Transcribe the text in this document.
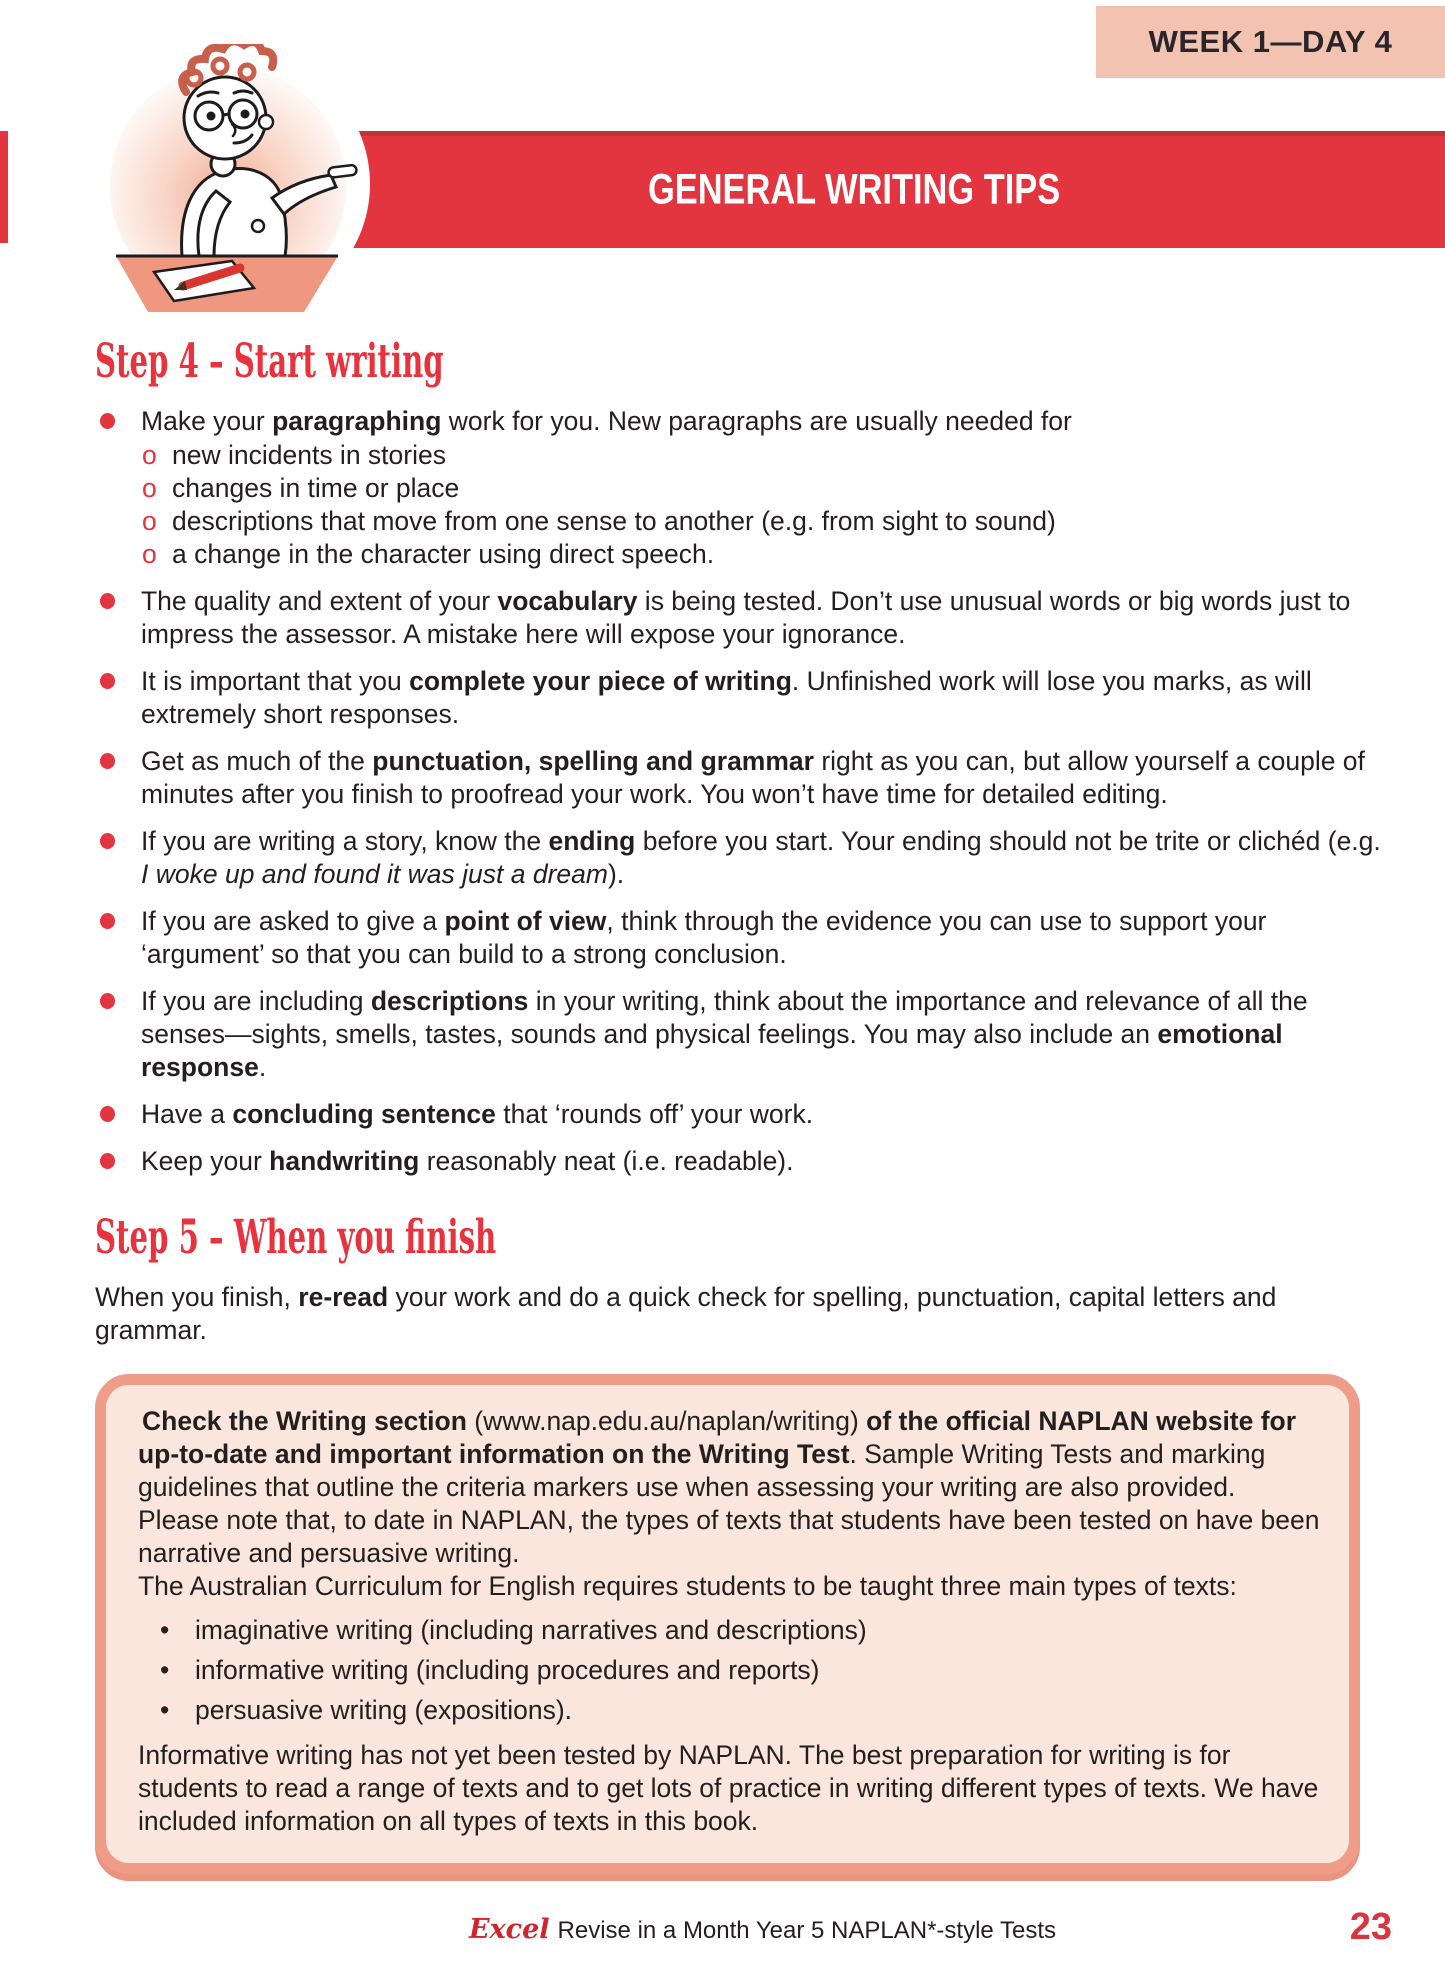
WEEK 1—DAY 4
GENERAL WRITING TIPS
Step 4 – Start writing
Make your paragraphing work for you. New paragraphs are usually needed for
o new incidents in stories
o changes in time or place
o descriptions that move from one sense to another (e.g. from sight to sound)
o a change in the character using direct speech.
The quality and extent of your vocabulary is being tested. Don’t use unusual words or big words just to impress the assessor. A mistake here will expose your ignorance.
It is important that you complete your piece of writing. Unfinished work will lose you marks, as will extremely short responses.
Get as much of the punctuation, spelling and grammar right as you can, but allow yourself a couple of minutes after you finish to proofread your work. You won’t have time for detailed editing.
If you are writing a story, know the ending before you start. Your ending should not be trite or clichéd (e.g. I woke up and found it was just a dream).
If you are asked to give a point of view, think through the evidence you can use to support your ‘argument’ so that you can build to a strong conclusion.
If you are including descriptions in your writing, think about the importance and relevance of all the senses—sights, smells, tastes, sounds and physical feelings. You may also include an emotional response.
Have a concluding sentence that ‘rounds off’ your work.
Keep your handwriting reasonably neat (i.e. readable).
Step 5 – When you finish

When you finish, re-read your work and do a quick check for spelling, punctuation, capital letters and grammar.

Check the Writing section (www.nap.edu.au/naplan/writing) of the official NAPLAN website for up-to-date and important information on the Writing Test. Sample Writing Tests and marking guidelines that outline the criteria markers use when assessing your writing are also provided. Please note that, to date in NAPLAN, the types of texts that students have been tested on have been narrative and persuasive writing.

The Australian Curriculum for English requires students to be taught three main types of texts:

• imaginative writing (including narratives and descriptions)
• informative writing (including procedures and reports)
• persuasive writing (expositions).

Informative writing has not yet been tested by NAPLAN. The best preparation for writing is for students to read a range of texts and to get lots of practice in writing different types of texts. We have included information on all types of texts in this book.

Excel Revise in a Month Year 5 NAPLAN*-style Tests	23
